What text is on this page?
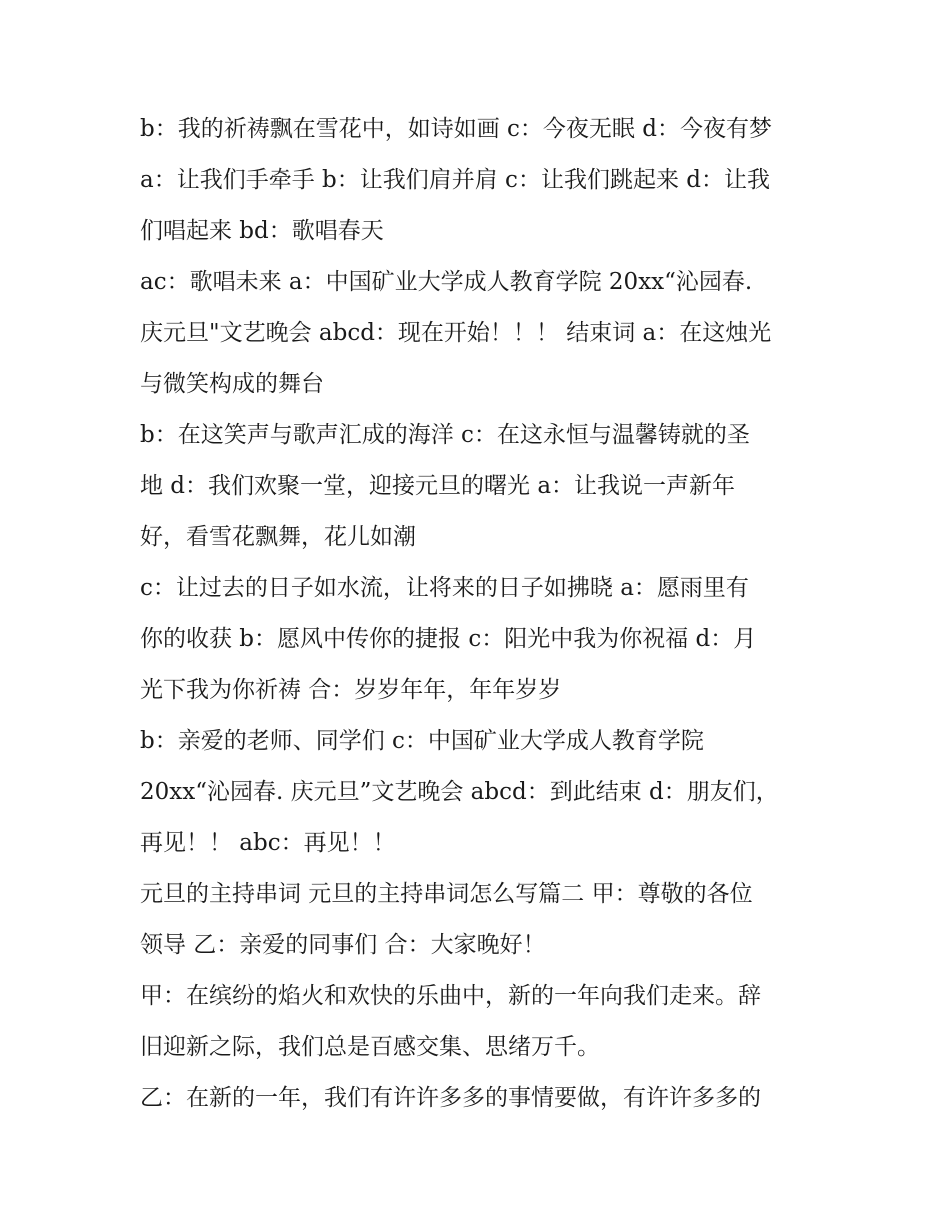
b：我的祈祷飘在雪花中，如诗如画 c：今夜无眠 d：今夜有梦
a：让我们手牵手 b：让我们肩并肩 c：让我们跳起来 d：让我
们唱起来 bd：歌唱春天
ac：歌唱未来 a：中国矿业大学成人教育学院 20xx“沁园春.
庆元旦"文艺晚会 abcd：现在开始！！！ 结束词 a：在这烛光
与微笑构成的舞台
b：在这笑声与歌声汇成的海洋 c：在这永恒与温馨铸就的圣
地 d：我们欢聚一堂，迎接元旦的曙光 a：让我说一声新年
好，看雪花飘舞，花儿如潮
c：让过去的日子如水流，让将来的日子如拂晓 a：愿雨里有
你的收获 b：愿风中传你的捷报 c：阳光中我为你祝福 d：月
光下我为你祈祷 合：岁岁年年，年年岁岁
b：亲爱的老师、同学们 c：中国矿业大学成人教育学院
20xx“沁园春. 庆元旦”文艺晚会 abcd：到此结束 d：朋友们，
再见！！ abc：再见！！
元旦的主持串词 元旦的主持串词怎么写篇二 甲：尊敬的各位
领导 乙：亲爱的同事们 合：大家晚好！
甲：在缤纷的焰火和欢快的乐曲中，新的一年向我们走来。辞
旧迎新之际，我们总是百感交集、思绪万千。
乙：在新的一年，我们有许许多多的事情要做，有许许多多的
